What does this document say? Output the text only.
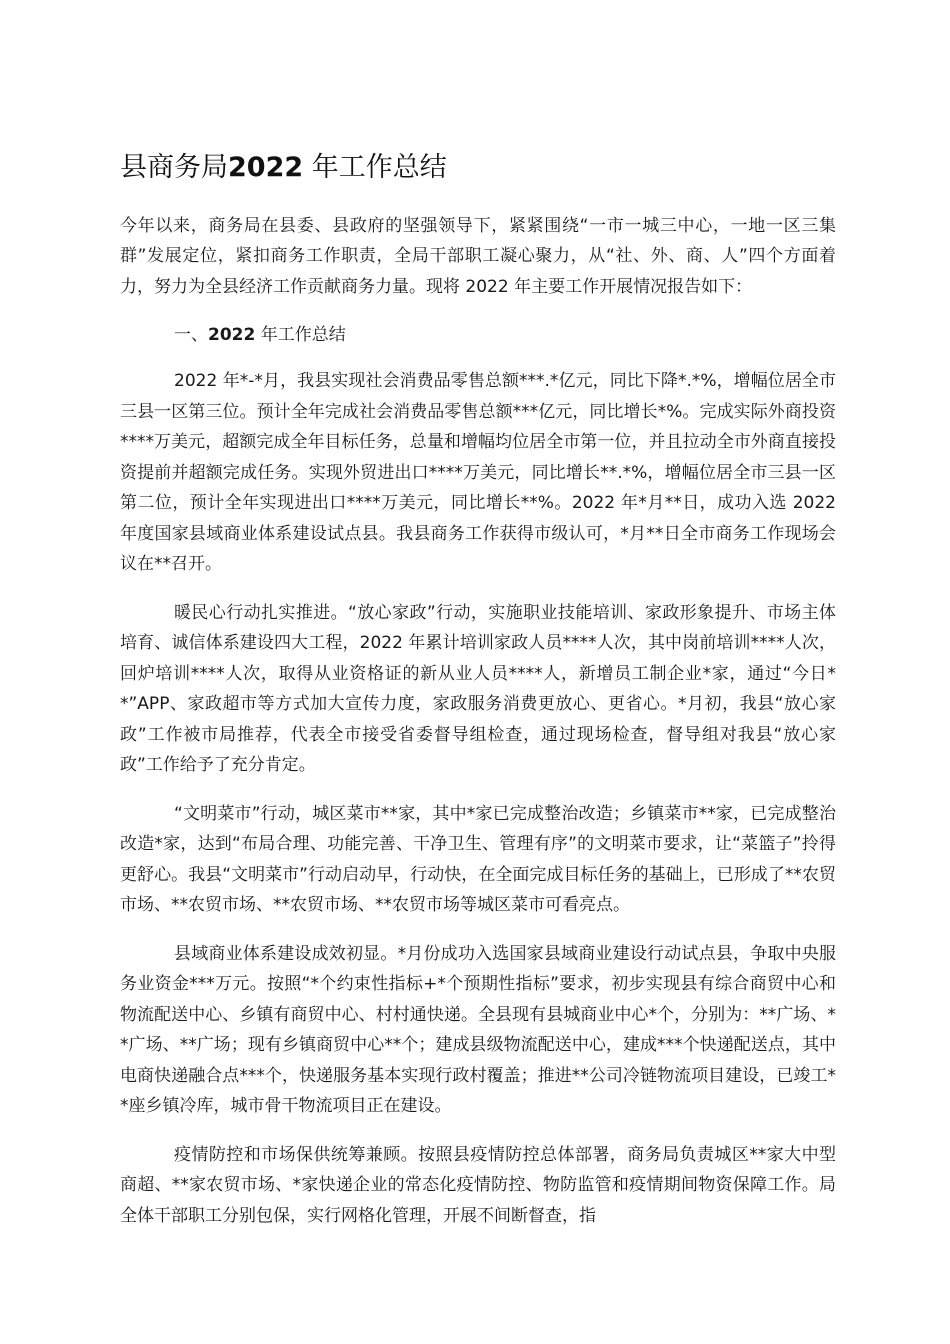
县商务局2022 年工作总结

今年以来，商务局在县委、县政府的坚强领导下，紧紧围绕“一市一城三中心，一地一区三集群”发展定位，紧扣商务工作职责，全局干部职工凝心聚力，从“社、外、商、人”四个方面着力，努力为全县经济工作贡献商务力量。现将 2022 年主要工作开展情况报告如下：

一、2022 年工作总结

2022 年*-*月，我县实现社会消费品零售总额***.*亿元，同比下降*.*%，增幅位居全市三县一区第三位。预计全年完成社会消费品零售总额***亿元，同比增长*%。完成实际外商投资****万美元，超额完成全年目标任务，总量和增幅均位居全市第一位，并且拉动全市外商直接投资提前并超额完成任务。实现外贸进出口****万美元，同比增长**.*%，增幅位居全市三县一区第二位，预计全年实现进出口****万美元，同比增长**%。2022 年*月**日，成功入选 2022 年度国家县域商业体系建设试点县。我县商务工作获得市级认可，*月**日全市商务工作现场会议在**召开。

暖民心行动扎实推进。“放心家政”行动，实施职业技能培训、家政形象提升、市场主体培育、诚信体系建设四大工程，2022 年累计培训家政人员****人次，其中岗前培训****人次，回炉培训****人次，取得从业资格证的新从业人员****人，新增员工制企业*家，通过“今日**”APP、家政超市等方式加大宣传力度，家政服务消费更放心、更省心。*月初，我县“放心家政”工作被市局推荐，代表全市接受省委督导组检查，通过现场检查，督导组对我县“放心家政”工作给予了充分肯定。

“文明菜市”行动，城区菜市**家，其中*家已完成整治改造；乡镇菜市**家，已完成整治改造*家，达到“布局合理、功能完善、干净卫生、管理有序”的文明菜市要求，让“菜篮子”拎得更舒心。我县“文明菜市”行动启动早，行动快，在全面完成目标任务的基础上，已形成了**农贸市场、**农贸市场、**农贸市场、**农贸市场等城区菜市可看亮点。

县域商业体系建设成效初显。*月份成功入选国家县域商业建设行动试点县，争取中央服务业资金***万元。按照“*个约束性指标+*个预期性指标”要求，初步实现县有综合商贸中心和物流配送中心、乡镇有商贸中心、村村通快递。全县现有县城商业中心*个，分别为：**广场、**广场、**广场；现有乡镇商贸中心**个；建成县级物流配送中心，建成***个快递配送点，其中电商快递融合点***个，快递服务基本实现行政村覆盖；推进**公司冷链物流项目建设，已竣工**座乡镇冷库，城市骨干物流项目正在建设。

疫情防控和市场保供统筹兼顾。按照县疫情防控总体部署，商务局负责城区**家大中型商超、**家农贸市场、*家快递企业的常态化疫情防控、物防监管和疫情期间物资保障工作。局全体干部职工分别包保，实行网格化管理，开展不间断督查，指
